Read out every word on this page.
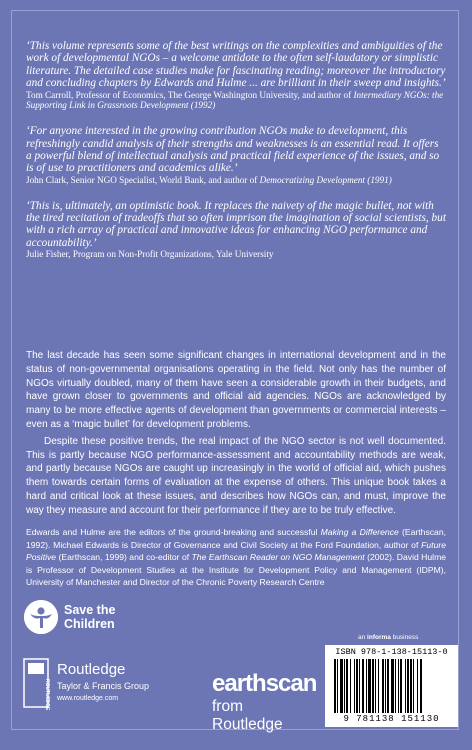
‘This volume represents some of the best writings on the complexities and ambiguities of the work of developmental NGOs – a welcome antidote to the often self-laudatory or simplistic literature. The detailed case studies make for fascinating reading; moreover the introductory and concluding chapters by Edwards and Hulme ... are brilliant in their sweep and insights.’

Tom Carroll, Professor of Economics, The George Washington University, and author of Intermediary NGOs: the Supporting Link in Grassroots Development (1992)

‘For anyone interested in the growing contribution NGOs make to development, this refreshingly candid analysis of their strengths and weaknesses is an essential read. It offers a powerful blend of intellectual analysis and practical field experience of the issues, and so is of use to practitioners and academics alike.’

John Clark, Senior NGO Specialist, World Bank, and author of Democratizing Development (1991)

‘This is, ultimately, an optimistic book. It replaces the naivety of the magic bullet, not with the tired recitation of tradeoffs that so often imprison the imagination of social scientists, but with a rich array of practical and innovative ideas for enhancing NGO performance and accountability.’

Julie Fisher, Program on Non-Profit Organizations, Yale University

The last decade has seen some significant changes in international development and in the status of non-governmental organisations operating in the field. Not only has the number of NGOs virtually doubled, many of them have seen a considerable growth in their budgets, and have grown closer to governments and official aid agencies. NGOs are acknowledged by many to be more effective agents of development than governments or commercial interests – even as a ‘magic bullet’ for development problems.

Despite these positive trends, the real impact of the NGO sector is not well documented. This is partly because NGO performance-assessment and accountability methods are weak, and partly because NGOs are caught up increasingly in the world of official aid, which pushes them towards certain forms of evaluation at the expense of others. This unique book takes a hard and critical look at these issues, and describes how NGOs can, and must, improve the way they measure and account for their performance if they are to be truly effective.

Edwards and Hulme are the editors of the ground-breaking and successful Making a Difference (Earthscan, 1992). Michael Edwards is Director of Governance and Civil Society at the Ford Foundation, author of Future Positive (Earthscan, 1999) and co-editor of The Earthscan Reader on NGO Management (2002). David Hulme is Professor of Development Studies at the Institute for Development Policy and Management (IDPM), University of Manchester and Director of the Chronic Poverty Research Centre
Save the Children
an informa business
ROUTLEDGE
Routledge
Taylor & Francis Group
www.routledge.com
earthscan
from Routledge
ISBN 978-1-138-15113-0
9 781138 151130
